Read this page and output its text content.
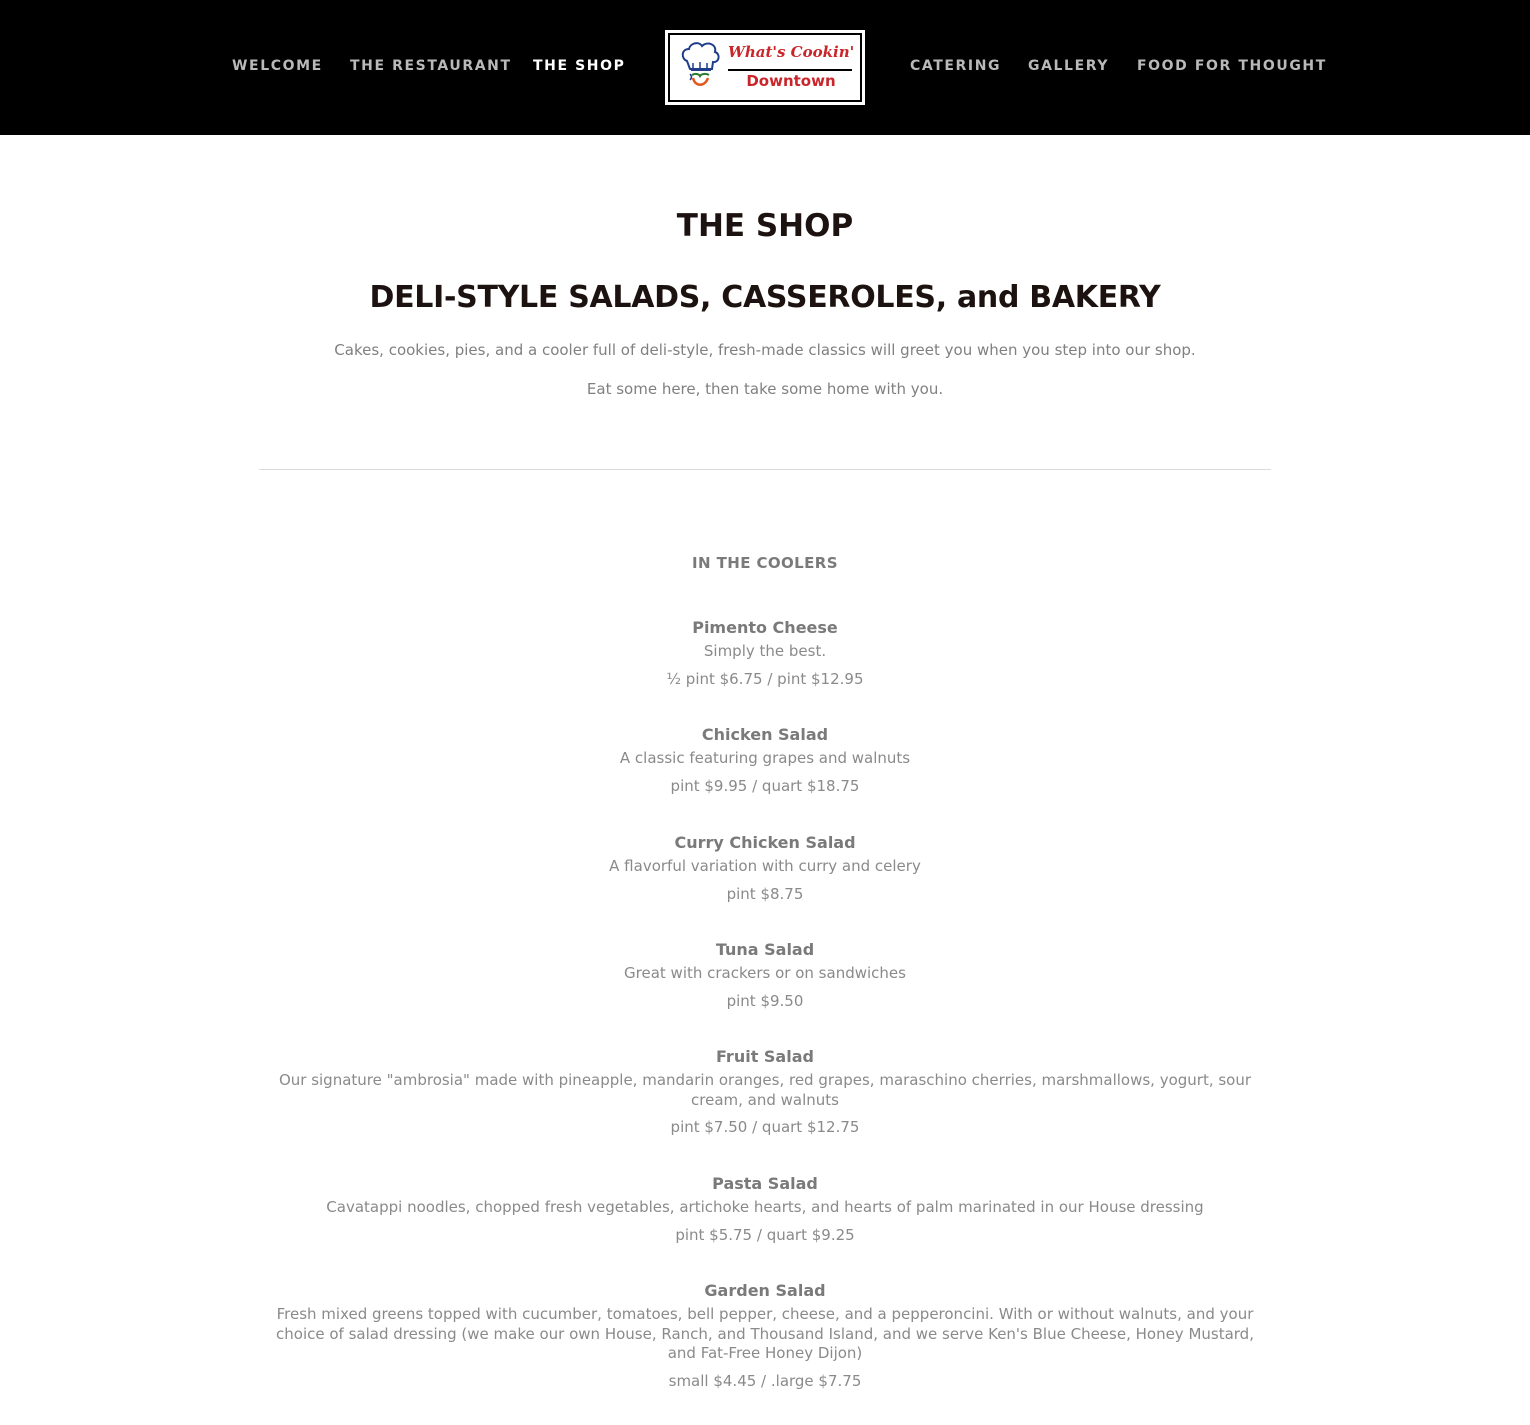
WELCOME THE RESTAURANT THE SHOP
What's Cookin'
Downtown
CATERING GALLERY FOOD FOR THOUGHT
THE SHOP
DELI-STYLE SALADS, CASSEROLES, and BAKERY

Cakes, cookies, pies, and a cooler full of deli-style, fresh-made classics will greet you when you step into our shop.

Eat some here, then take some home with you.

IN THE COOLERS
Pimento Cheese
Simply the best.
½ pint $6.75 / pint $12.95
Chicken Salad
A classic featuring grapes and walnuts
pint $9.95 / quart $18.75
Curry Chicken Salad
A flavorful variation with curry and celery
pint $8.75
Tuna Salad
Great with crackers or on sandwiches
pint $9.50
Fruit Salad
Our signature "ambrosia" made with pineapple, mandarin oranges, red grapes, maraschino cherries, marshmallows, yogurt, sour cream, and walnuts
pint $7.50 / quart $12.75
Pasta Salad
Cavatappi noodles, chopped fresh vegetables, artichoke hearts, and hearts of palm marinated in our House dressing
pint $5.75 / quart $9.25
Garden Salad
Fresh mixed greens topped with cucumber, tomatoes, bell pepper, cheese, and a pepperoncini. With or without walnuts, and your choice of salad dressing (we make our own House, Ranch, and Thousand Island, and we serve Ken's Blue Cheese, Honey Mustard, and Fat-Free Honey Dijon)
small $4.45 / .large $7.75
